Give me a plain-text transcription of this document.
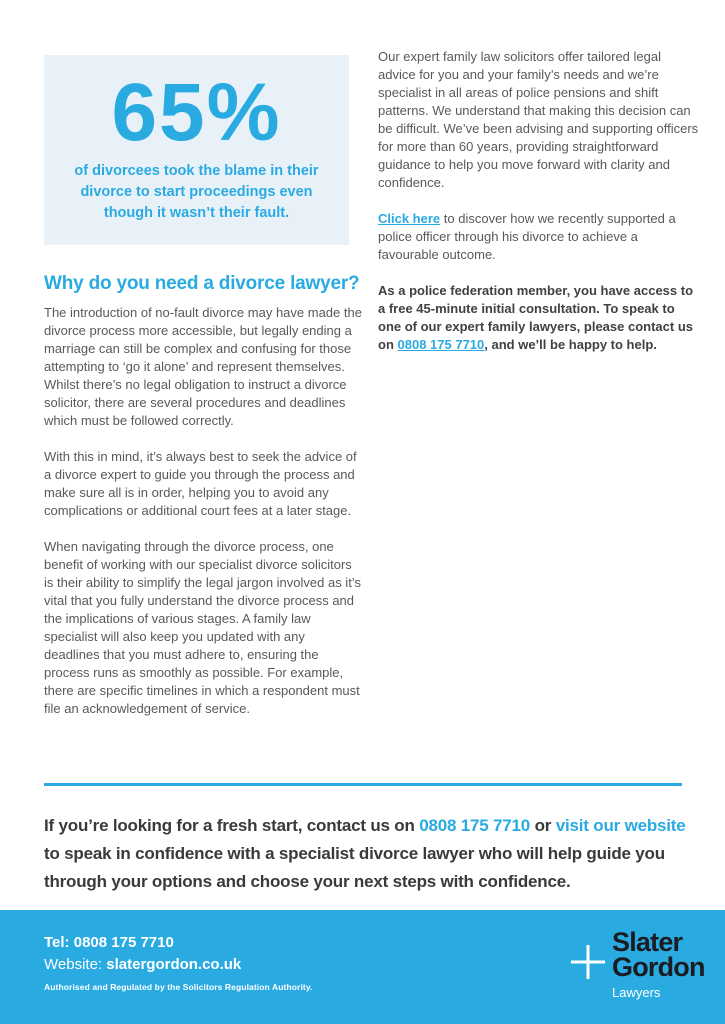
65%
of divorcees took the blame in their divorce to start proceedings even though it wasn’t their fault.

Our expert family law solicitors offer tailored legal advice for you and your family’s needs and we’re specialist in all areas of police pensions and shift patterns. We understand that making this decision can be difficult. We’ve been advising and supporting officers for more than 60 years, providing straightforward guidance to help you move forward with clarity and confidence.

Click here to discover how we recently supported a police officer through his divorce to achieve a favourable outcome.

As a police federation member, you have access to a free 45-minute initial consultation. To speak to one of our expert family lawyers, please contact us on 0808 175 7710, and we’ll be happy to help.

Why do you need a divorce lawyer?

The introduction of no-fault divorce may have made the divorce process more accessible, but legally ending a marriage can still be complex and confusing for those attempting to ‘go it alone’ and represent themselves. Whilst there’s no legal obligation to instruct a divorce solicitor, there are several procedures and deadlines which must be followed correctly.

With this in mind, it’s always best to seek the advice of a divorce expert to guide you through the process and make sure all is in order, helping you to avoid any complications or additional court fees at a later stage.

When navigating through the divorce process, one benefit of working with our specialist divorce solicitors is their ability to simplify the legal jargon involved as it’s vital that you fully understand the divorce process and the implications of various stages. A family law specialist will also keep you updated with any deadlines that you must adhere to, ensuring the process runs as smoothly as possible. For example, there are specific timelines in which a respondent must file an acknowledgement of service.

If you’re looking for a fresh start, contact us on 0808 175 7710 or visit our website to speak in confidence with a specialist divorce lawyer who will help guide you through your options and choose your next steps with confidence.
Tel: 0808 175 7710
Website: slatergordon.co.uk
Authorised and Regulated by the Solicitors Regulation Authority.
Slater
Gordon
Lawyers
